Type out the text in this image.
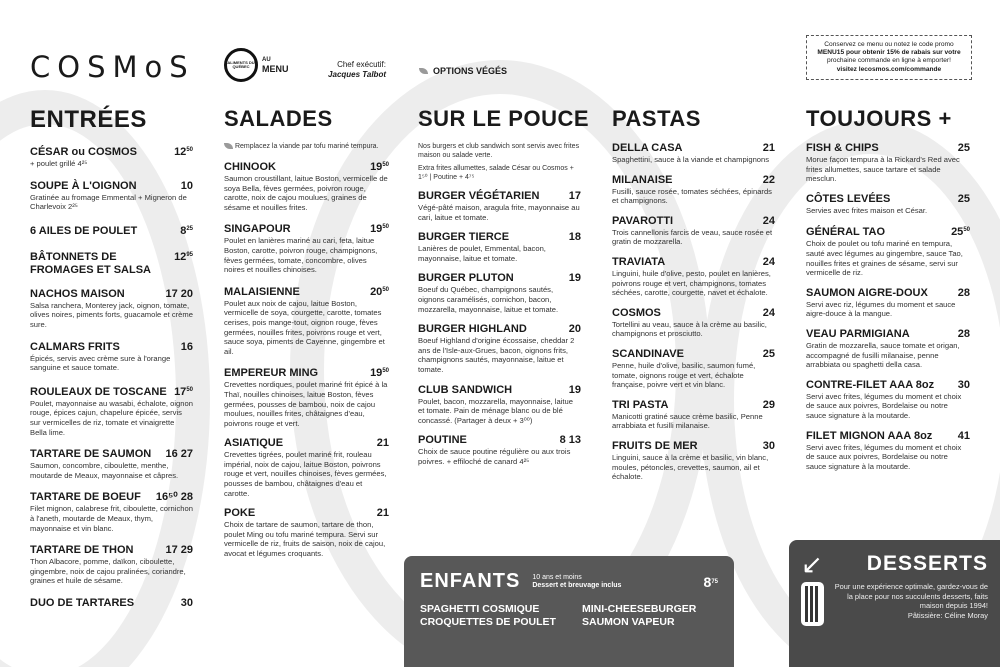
COSMoS	ALIMENTS DU QUÉBEC
AU
MENU	Chef exécutif:
Jacques Talbot	OPTIONS VÉGÉS
Conservez ce menu ou notez le code promo
MENU15 pour obtenir 15% de rabais sur votre
prochaine commande en ligne à emporter!
visitez lecosmos.com/commande
ENTRÉES
CÉSAR ou COSMOS	$12^{50}$
+ poulet grillé 4²⁵
SOUPE À L'OIGNON	10
Gratinée au fromage Emmental + Migneron de Charlevoix 2²⁵
6 AILES DE POULET	$8^{25}$
BÂTONNETS DE FROMAGES ET SALSA
$12^{95}$
NACHOS MAISON	17 20
Salsa ranchera, Monterey jack, oignon, tomate, olives noires, piments forts, guacamole et crème sure.
CALMARS FRITS	16
Épicés, servis avec crème sure à l'orange sanguine et sauce tomate.
ROULEAUX DE TOSCANE $17^{50}$
Poulet, mayonnaise au wasabi, échalote, oignon rouge, épices cajun, chapelure épicée, servis sur vermicelles de riz, tomate et vinaigrette Bella lime.
TARTARE DE SAUMON 16 27
Saumon, concombre, ciboulette, menthe, moutarde de Meaux, mayonnaise et câpres.
TARTARE DE BOEUF 16⁵⁰ 28
Filet mignon, calabrese frit, ciboulette, cornichon à l'aneth, moutarde de Meaux, thym, mayonnaise et vin blanc.
TARTARE DE THON	17 29
Thon Albacore, pomme, daïkon, ciboulette, gingembre, noix de cajou pralinées, coriandre, graines et huile de sésame.
DUO DE TARTARES	30
SALADES
Remplacez la viande par tofu mariné tempura.
CHINOOK	$19^{50}$
Saumon croustillant, laitue Boston, vermicelle de soya Bella, fèves germées, poivron rouge, carotte, noix de cajou moulues, graines de sésame et nouilles frites.
SINGAPOUR	$19^{50}$
Poulet en lanières mariné au cari, feta, laitue Boston, carotte, poivron rouge, champignons, fèves germées, tomate, concombre, olives noires et nouilles chinoises.
MALAISIENNE	$20^{50}$
Poulet aux noix de cajou, laitue Boston, vermicelle de soya, courgette, carotte, tomates cerises, pois mange-tout, oignon rouge, fèves germées, nouilles frites, poivrons rouge et vert, sauce soya, piments de Cayenne, gingembre et ail.
EMPEREUR MING	$19^{50}$
Crevettes nordiques, poulet mariné frit épicé à la Thaï, nouilles chinoises, laitue Boston, fèves germées, pousses de bambou, noix de cajou moulues, nouilles frites, châtaignes d'eau, poivrons rouge et vert.
ASIATIQUE	21
Crevettes tigrées, poulet mariné frit, rouleau impérial, noix de cajou, laitue Boston, poivrons rouge et vert, nouilles chinoises, fèves germées, pousses de bambou, châtaignes d'eau et carotte.
POKE	21
Choix de tartare de saumon, tartare de thon, poulet Ming ou tofu mariné tempura. Servi sur vermicelle de riz, fruits de saison, noix de cajou, avocat et légumes croquants.
SUR LE POUCE
Nos burgers et club sandwich sont servis avec frites maison ou salade verte.
Extra frites allumettes, salade César ou Cosmos + 1⁵⁰ | Poutine + 4⁷⁵
BURGER VÉGÉTARIEN	17
Végé-pâté maison, aragula frite, mayonnaise au cari, laitue et tomate.
BURGER TIERCE	18
Lanières de poulet, Emmental, bacon, mayonnaise, laitue et tomate.
BURGER PLUTON	19
Boeuf du Québec, champignons sautés, oignons caramélisés, cornichon, bacon, mozzarella, mayonnaise, laitue et tomate.
BURGER HIGHLAND	20
Boeuf Highland d'origine écossaise, cheddar 2 ans de l'Isle-aux-Grues, bacon, oignons frits, champignons sautés, mayonnaise, laitue et tomate.
CLUB SANDWICH	19
Poulet, bacon, mozzarella, mayonnaise, laitue et tomate. Pain de ménage blanc ou de blé concassé. (Partager à deux + 3⁰⁰)
POUTINE	8 13
Choix de sauce poutine régulière ou aux trois poivres. + effiloché de canard 4²⁵
PASTAS
DELLA CASA	21
Spaghettini, sauce à la viande et champignons
MILANAISE	22
Fusilli, sauce rosée, tomates séchées, épinards et champignons.
PAVAROTTI	24
Trois cannellonis farcis de veau, sauce rosée et gratin de mozzarella.
TRAVIATA	24
Linguini, huile d'olive, pesto, poulet en lanières, poivrons rouge et vert, champignons, tomates séchées, carotte, courgette, navet et échalote.
COSMOS	24
Tortellini au veau, sauce à la crème au basilic, champignons et prosciutto.
SCANDINAVE	25
Penne, huile d'olive, basilic, saumon fumé, tomate, oignons rouge et vert, échalote française, poivre vert et vin blanc.
TRI PASTA	29
Manicotti gratiné sauce crème basilic, Penne arrabbiata et fusilli milanaise.
FRUITS DE MER	30
Linguini, sauce à la crème et basilic, vin blanc, moules, pétoncles, crevettes, saumon, ail et échalote.
TOUJOURS +
FISH & CHIPS	25
Morue façon tempura à la Rickard's Red avec frites allumettes, sauce tartare et salade mesclun.
CÔTES LEVÉES	25
Servies avec frites maison et César.
GÉNÉRAL TAO	$25^{50}$
Choix de poulet ou tofu mariné en tempura, sauté avec légumes au gingembre, sauce Tao, nouilles frites et graines de sésame, servi sur vermicelle de riz.
SAUMON AIGRE-DOUX	28
Servi avec riz, légumes du moment et sauce aigre-douce à la mangue.
VEAU PARMIGIANA	28
Gratin de mozzarella, sauce tomate et origan, accompagné de fusilli milanaise, penne arrabbiata ou spaghetti della casa.
CONTRE-FILET AAA 8oz 30
Servi avec frites, légumes du moment et choix de sauce aux poivres, Bordelaise ou notre sauce signature à la moutarde.
FILET MIGNON AAA 8oz 41
Servi avec frites, légumes du moment et choix de sauce aux poivres, Bordelaise ou notre sauce signature à la moutarde.
ENFANTS 10 ans et moins
Dessert et breuvage inclus	$8^{75}$
SPAGHETTI COSMIQUE	MINI-CHEESEBURGER
CROQUETTES DE POULET	SAUMON VAPEUR
↙ DESSERTS
Pour une expérience optimale, gardez-vous de la place pour nos succulents desserts, faits maison depuis 1994!
Pâtissière: Céline Moray
